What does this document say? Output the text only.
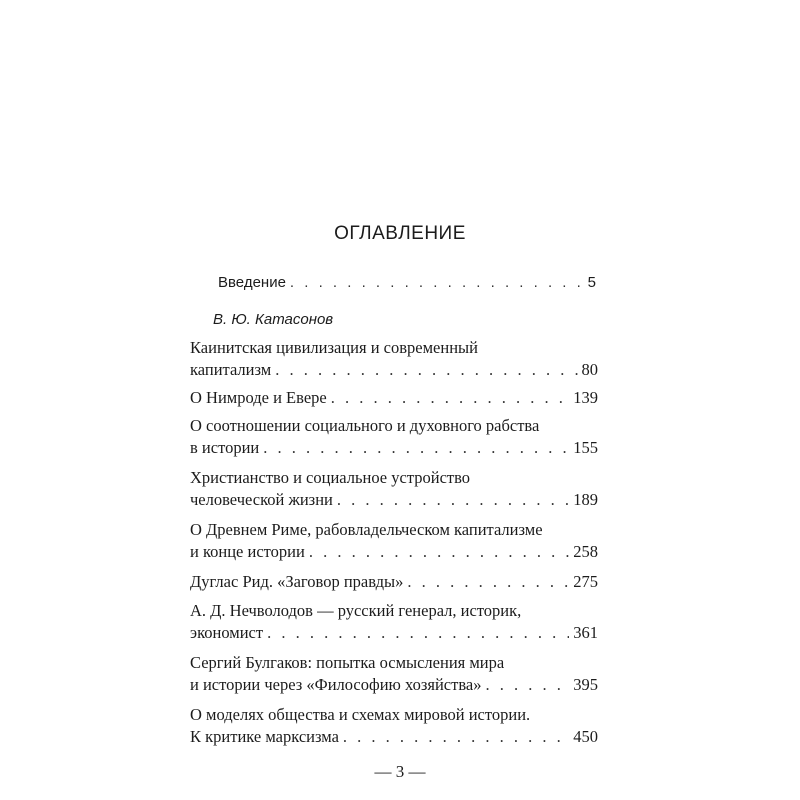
ОГЛАВЛЕНИЕ
Введение . . .	5
В. Ю. Катасонов
Каинитская цивилизация и современный
капитализм . . .	80
О Нимроде и Евере . . .	139
О соотношении социального и духовного рабства
в истории . . .	155
Христианство и социальное устройство
человеческой жизни . . .	189
О Древнем Риме, рабовладельческом капитализме
и конце истории . . .	258
Дуглас Рид. «Заговор правды» . . .	275
А. Д. Нечволодов — русский генерал, историк,
экономист . . .	361
Сергий Булгаков: попытка осмысления мира
и истории через «Философию хозяйства» . . .	395
О моделях общества и схемах мировой истории.
К критике марксизма . . .	450
— 3 —
